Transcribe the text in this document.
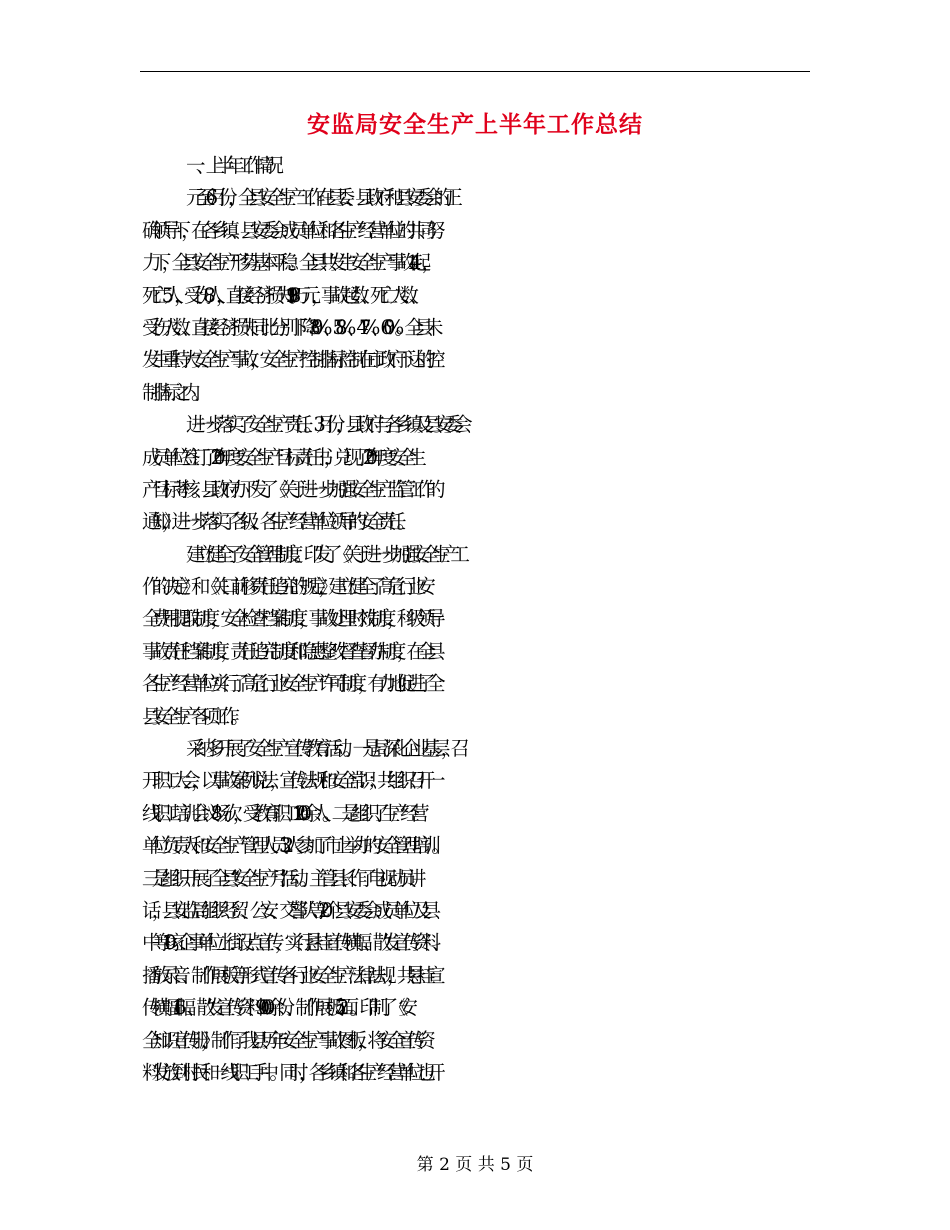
安监局安全生产上半年工作总结
一、上半年工作情况
元至6月份，全县安全生产工作在县委、县政府和县安委会的正
确领导下，在各乡镇、县安委会成员单位和各生产经营单位的共同努
力下，全县安全生产形势基本平稳。全县共发生安全生产事故14起，
死亡5人，受伤8人，直接经济损失11.98万元，事故起数、死亡人数、
受伤人数、直接经济损失同比分别下降30%、58%、47%、60%。全县未
发生重特大安全生产事故，安全生产控制指标控制在市政府下达的控
制指标之内。
进一步落实了安全生产责任。3月份，县政府与各乡镇及县安委会
成员单位签订了20*年度安全生产目标责任书，兑现了20*年度安全生
产目标考核。县政府办下发了《关于进一步加强安全生产监管工作的
通知》，进一步落实了各级、各生产经营单位领导的安全责任。
建立健全了安全管理制度。印发了《关于进一步加强安全生产工
作的决定》和《关口前移责任追究的规定》，建立健全了高危行业安
全费用提取制度，安全检查档案制度，事故处理时效制度，科级领导
事故责任档案制度，责任追究制度和隐患整改督查督办制度，在全县
各生产经营单位实行了高危行业安全生产许可制度，有力地促进了全
县安全生产各项工作。
采纳多开展了安全生产宣传教育活动。一是局深化企业基层，召
开职工大会，以事故案例说法，宣传法规和安全常识；共组织召开一
线职工培训会议8场次，受教育职工1200余人。二是组织了生产经营
单位负责人和安全生产管理人员32人参加了市上举办的安全管理培训。
三是组织开展了全县“安全生产月”活动。主管县长作了电视动员讲
话，县安监局组织经贸、公安、交警队等20个县安委会成员单位及县
中等10家企事单位上街设点宣传，实行悬挂宣传横幅、散发宣传资料、
播放录音、制作展板等形式宣传各行业安全生产法律法规，共悬挂宣
传横幅16幅、散发宣传资料9000余份、制作展板52面。印制了《安
全知识宣传册》，制作了我县历年安全生产事故图板，将安全宣传资
料发放到村民和一线职工手中。同时，各乡镇和各生产经营单位也开
第 2 页 共 5 页
